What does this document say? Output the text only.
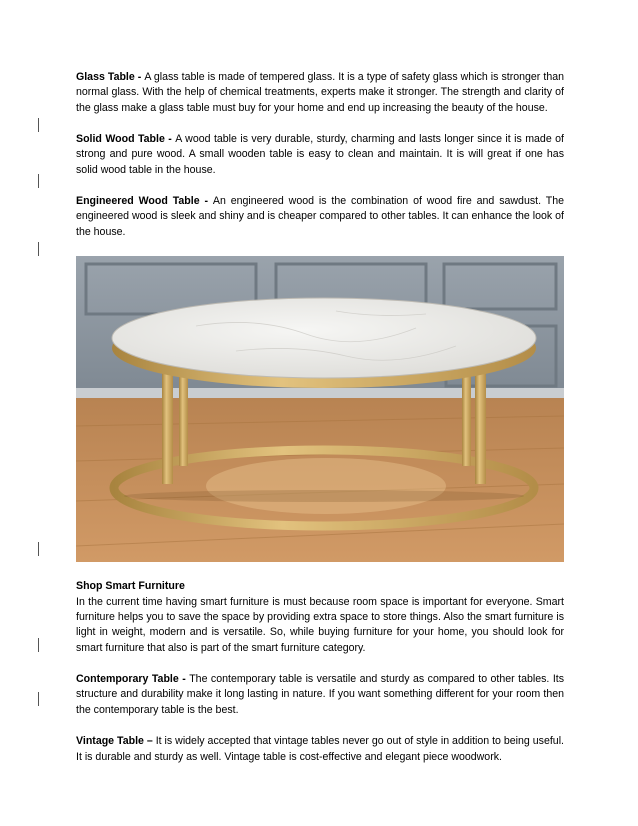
Glass Table - A glass table is made of tempered glass. It is a type of safety glass which is stronger than normal glass. With the help of chemical treatments, experts make it stronger. The strength and clarity of the glass make a glass table must buy for your home and end up increasing the beauty of the house.

Solid Wood Table - A wood table is very durable, sturdy, charming and lasts longer since it is made of strong and pure wood. A small wooden table is easy to clean and maintain. It is will great if one has solid wood table in the house.

Engineered Wood Table - An engineered wood is the combination of wood fire and sawdust. The engineered wood is sleek and shiny and is cheaper compared to other tables. It can enhance the look of the house.

Shop Smart Furniture
In the current time having smart furniture is must because room space is important for everyone. Smart furniture helps you to save the space by providing extra space to store things. Also the smart furniture is light in weight, modern and is versatile. So, while buying furniture for your home, you should look for smart furniture that also is part of the smart furniture category.

Contemporary Table - The contemporary table is versatile and sturdy as compared to other tables. Its structure and durability make it long lasting in nature. If you want something different for your room then the contemporary table is the best.

Vintage Table – It is widely accepted that vintage tables never go out of style in addition to being useful. It is durable and sturdy as well. Vintage table is cost-effective and elegant piece woodwork.
